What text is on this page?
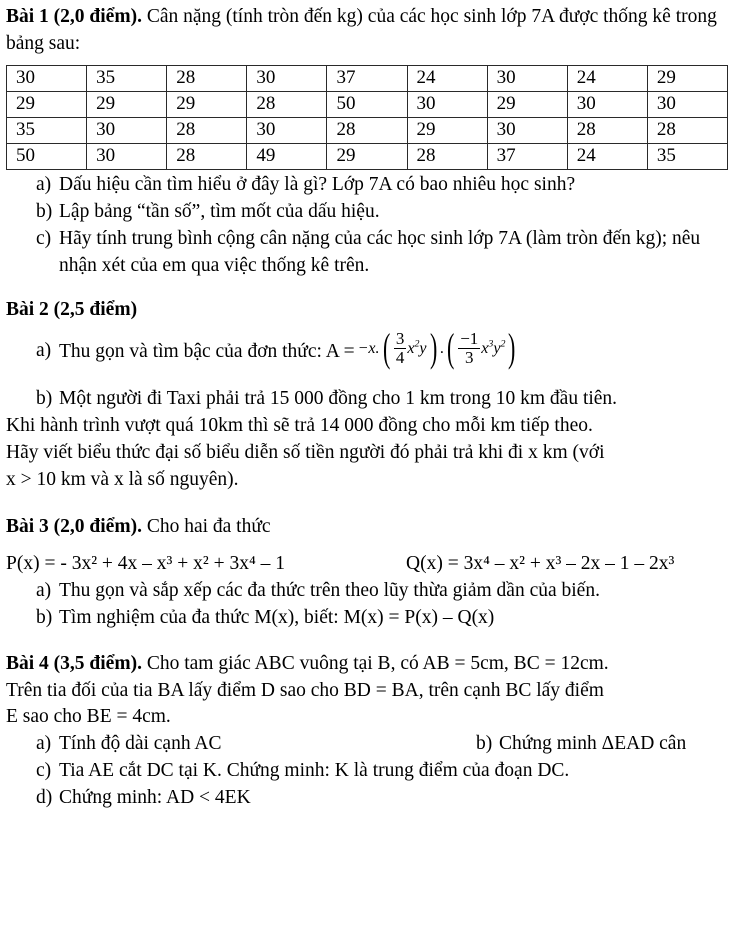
Bài 1 (2,0 điểm). Cân nặng (tính tròn đến kg) của các học sinh lớp 7A được thống kê trong bảng sau:

30	35	28	30	37	24	30	24	29
29	29	29	28	50	30	29	30	30
35	30	28	30	28	29	30	28	28
50	30	28	49	29	28	37	24	35
a) Dấu hiệu cần tìm hiểu ở đây là gì? Lớp 7A có bao nhiêu học sinh?
b) Lập bảng “tần số”, tìm mốt của dấu hiệu.
c) Hãy tính trung bình cộng cân nặng của các học sinh lớp 7A (làm tròn đến kg); nêu nhận xét của em qua việc thống kê trên.

Bài 2 (2,5 điểm)

a) Thu gọn và tìm bậc của đơn thức: $A = -x.( \frac{3}{4} x^2y)$ .( $\frac{-1}{3} x^3y^2$)

b) Một người đi Taxi phải trả 15 000 đồng cho 1 km trong 10 km đầu tiên.

Khi hành trình vượt quá 10km thì sẽ trả 14 000 đồng cho mỗi km tiếp theo.

Hãy viết biểu thức đại số biểu diễn số tiền người đó phải trả khi đi x km (với

x > 10 km và x là số nguyên).

Bài 3 (2,0 điểm). Cho hai đa thức

P(x) = - 3x² + 4x – x³ + x² + 3x⁴ – 1	Q(x) = 3x⁴ – x² + x³ – 2x – 1 – 2x³
a) Thu gọn và sắp xếp các đa thức trên theo lũy thừa giảm dần của biến.
b) Tìm nghiệm của đa thức M(x), biết: M(x) = P(x) – Q(x)

Bài 4 (3,5 điểm). Cho tam giác ABC vuông tại B, có AB = 5cm, BC = 12cm.

Trên tia đối của tia BA lấy điểm D sao cho BD = BA, trên cạnh BC lấy điểm

E sao cho BE = 4cm.

a) Tính độ dài cạnh AC	b) Chứng minh ΔEAD cân
c) Tia AE cắt DC tại K. Chứng minh: K là trung điểm của đoạn DC.
d) Chứng minh: AD < 4EK
